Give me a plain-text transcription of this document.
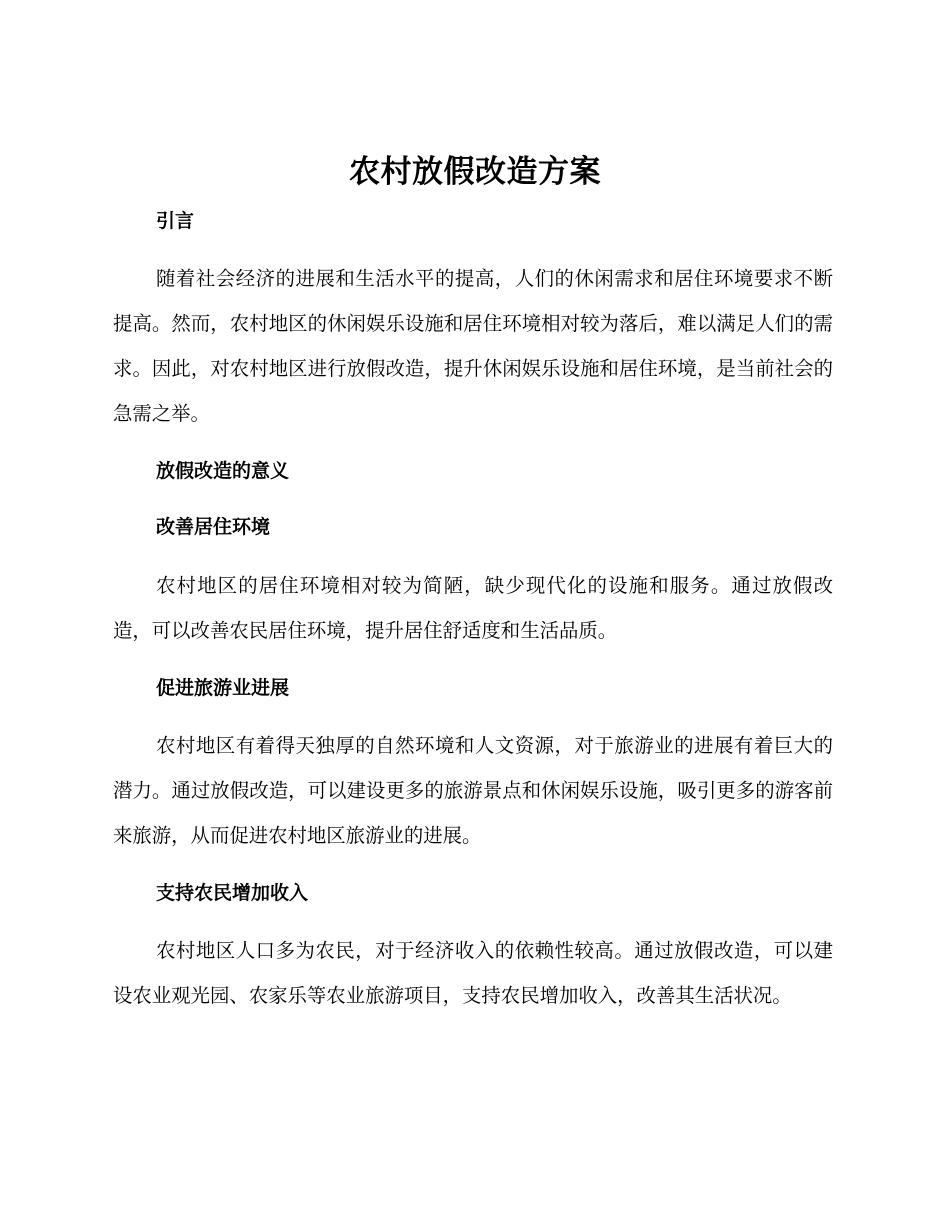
农村放假改造方案
引言

随着社会经济的进展和生活水平的提高，人们的休闲需求和居住环境要求不断提高。然而，农村地区的休闲娱乐设施和居住环境相对较为落后，难以满足人们的需求。因此，对农村地区进行放假改造，提升休闲娱乐设施和居住环境，是当前社会的急需之举。

放假改造的意义
改善居住环境

农村地区的居住环境相对较为简陋，缺少现代化的设施和服务。通过放假改造，可以改善农民居住环境，提升居住舒适度和生活品质。

促进旅游业进展

农村地区有着得天独厚的自然环境和人文资源，对于旅游业的进展有着巨大的潜力。通过放假改造，可以建设更多的旅游景点和休闲娱乐设施，吸引更多的游客前来旅游，从而促进农村地区旅游业的进展。

支持农民增加收入

农村地区人口多为农民，对于经济收入的依赖性较高。通过放假改造，可以建设农业观光园、农家乐等农业旅游项目，支持农民增加收入，改善其生活状况。
